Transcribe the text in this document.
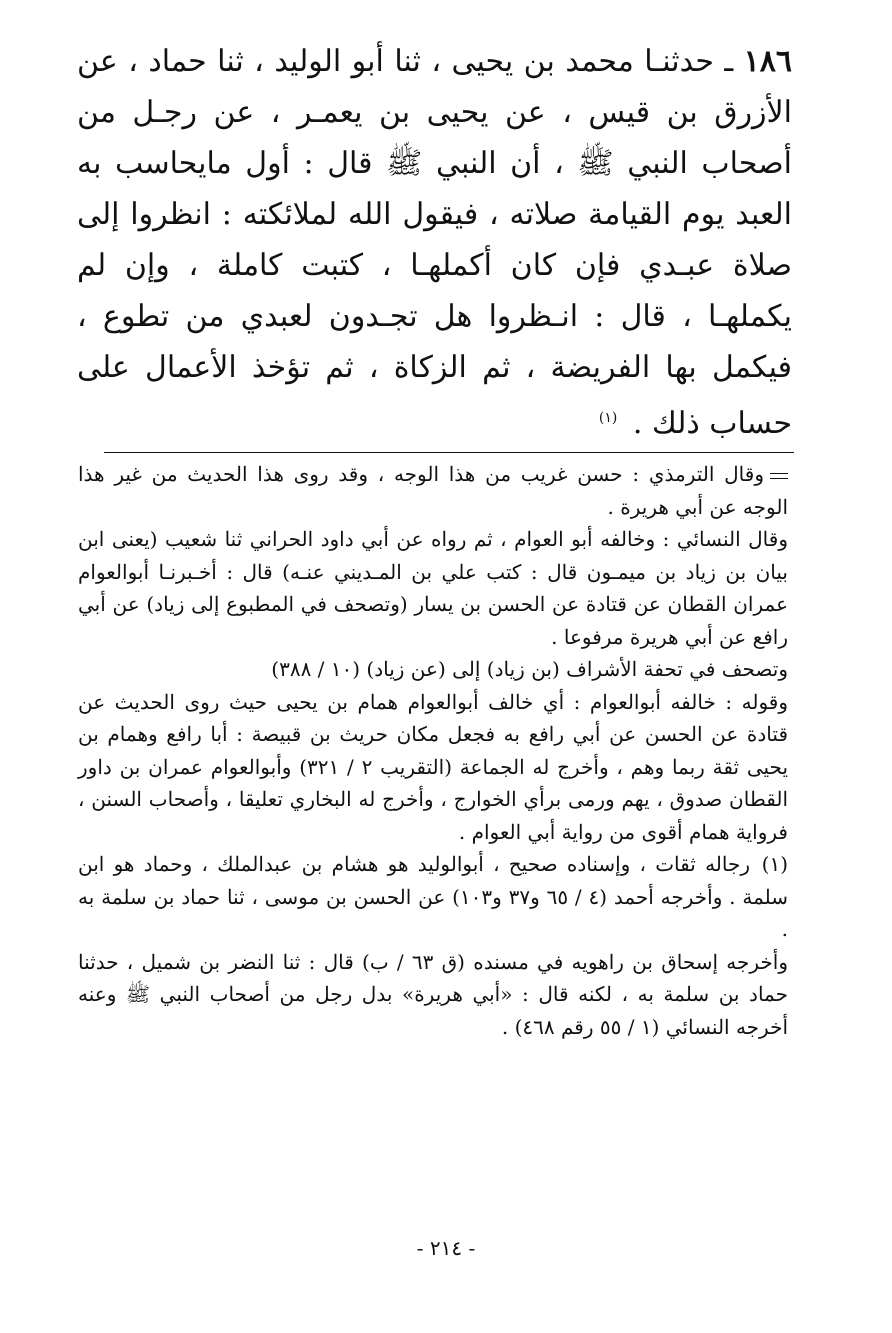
١٨٦ ـ حدثنـا محمد بن يحيى ، ثنا أبو الوليد ، ثنا حماد ، عن الأزرق بن قيس ، عن يحيى بن يعمـر ، عن رجـل من أصحاب النبي ﷺ ، أن النبي ﷺ قال : أول مايحاسب به العبد يوم القيامة صلاته ، فيقول الله لملائكته : انظروا إلى صلاة عبـدي فإن كان أكملهـا ، كتبت كاملة ، وإن لم يكملهـا ، قال : انـظروا هل تجـدون لعبدي من تطوع ، فيكمل بها الفريضة ، ثم الزكاة ، ثم تؤخذ الأعمال على حساب ذلك . $^{(١)}$

وقال الترمذي : حسن غريب من هذا الوجه ، وقد روى هذا الحديث من غير هذا الوجه عن أبي هريرة .

وقال النسائي : وخالفه أبو العوام ، ثم رواه عن أبي داود الحراني ثنا شعيب (يعنى ابن بيان بن زياد بن ميمـون قال : كتب علي بن المـديني عنـه) قال : أخـبرنـا أبوالعوام عمران القطان عن قتادة عن الحسن بن يسار (وتصحف في المطبوع إلى زياد) عن أبي رافع عن أبي هريرة مرفوعا .

وتصحف في تحفة الأشراف (بن زياد) إلى (عن زياد) (١٠ / ٣٨٨)

وقوله : خالفه أبوالعوام : أي خالف أبوالعوام همام بن يحيى حيث روى الحديث عن قتادة عن الحسن عن أبي رافع به فجعل مكان حريث بن قبيصة : أبا رافع وهمام بن يحيى ثقة ربما وهم ، وأخرج له الجماعة (التقريب ٢ / ٣٢١) وأبوالعوام عمران بن داور القطان صدوق ، يهم ورمى برأي الخوارج ، وأخرج له البخاري تعليقا ، وأصحاب السنن ، فرواية همام أقوى من رواية أبي العوام .

(١)رجاله ثقات ، وإسناده صحيح ، أبوالوليد هو هشام بن عبدالملك ، وحماد هو ابن سلمة . وأخرجه أحمد (٤ / ٦٥ و٣٧ و١٠٣) عن الحسن بن موسى ، ثنا حماد بن سلمة به .

وأخرجه إسحاق بن راهويه في مسنده (ق ٦٣ / ب) قال : ثنا النضر بن شميل ، حدثنا حماد بن سلمة به ، لكنه قال : «أبي هريرة» بدل رجل من أصحاب النبي ﷺ وعنه أخرجه النسائي (١ / ٥٥ رقم ٤٦٨) .

- ٢١٤ -
